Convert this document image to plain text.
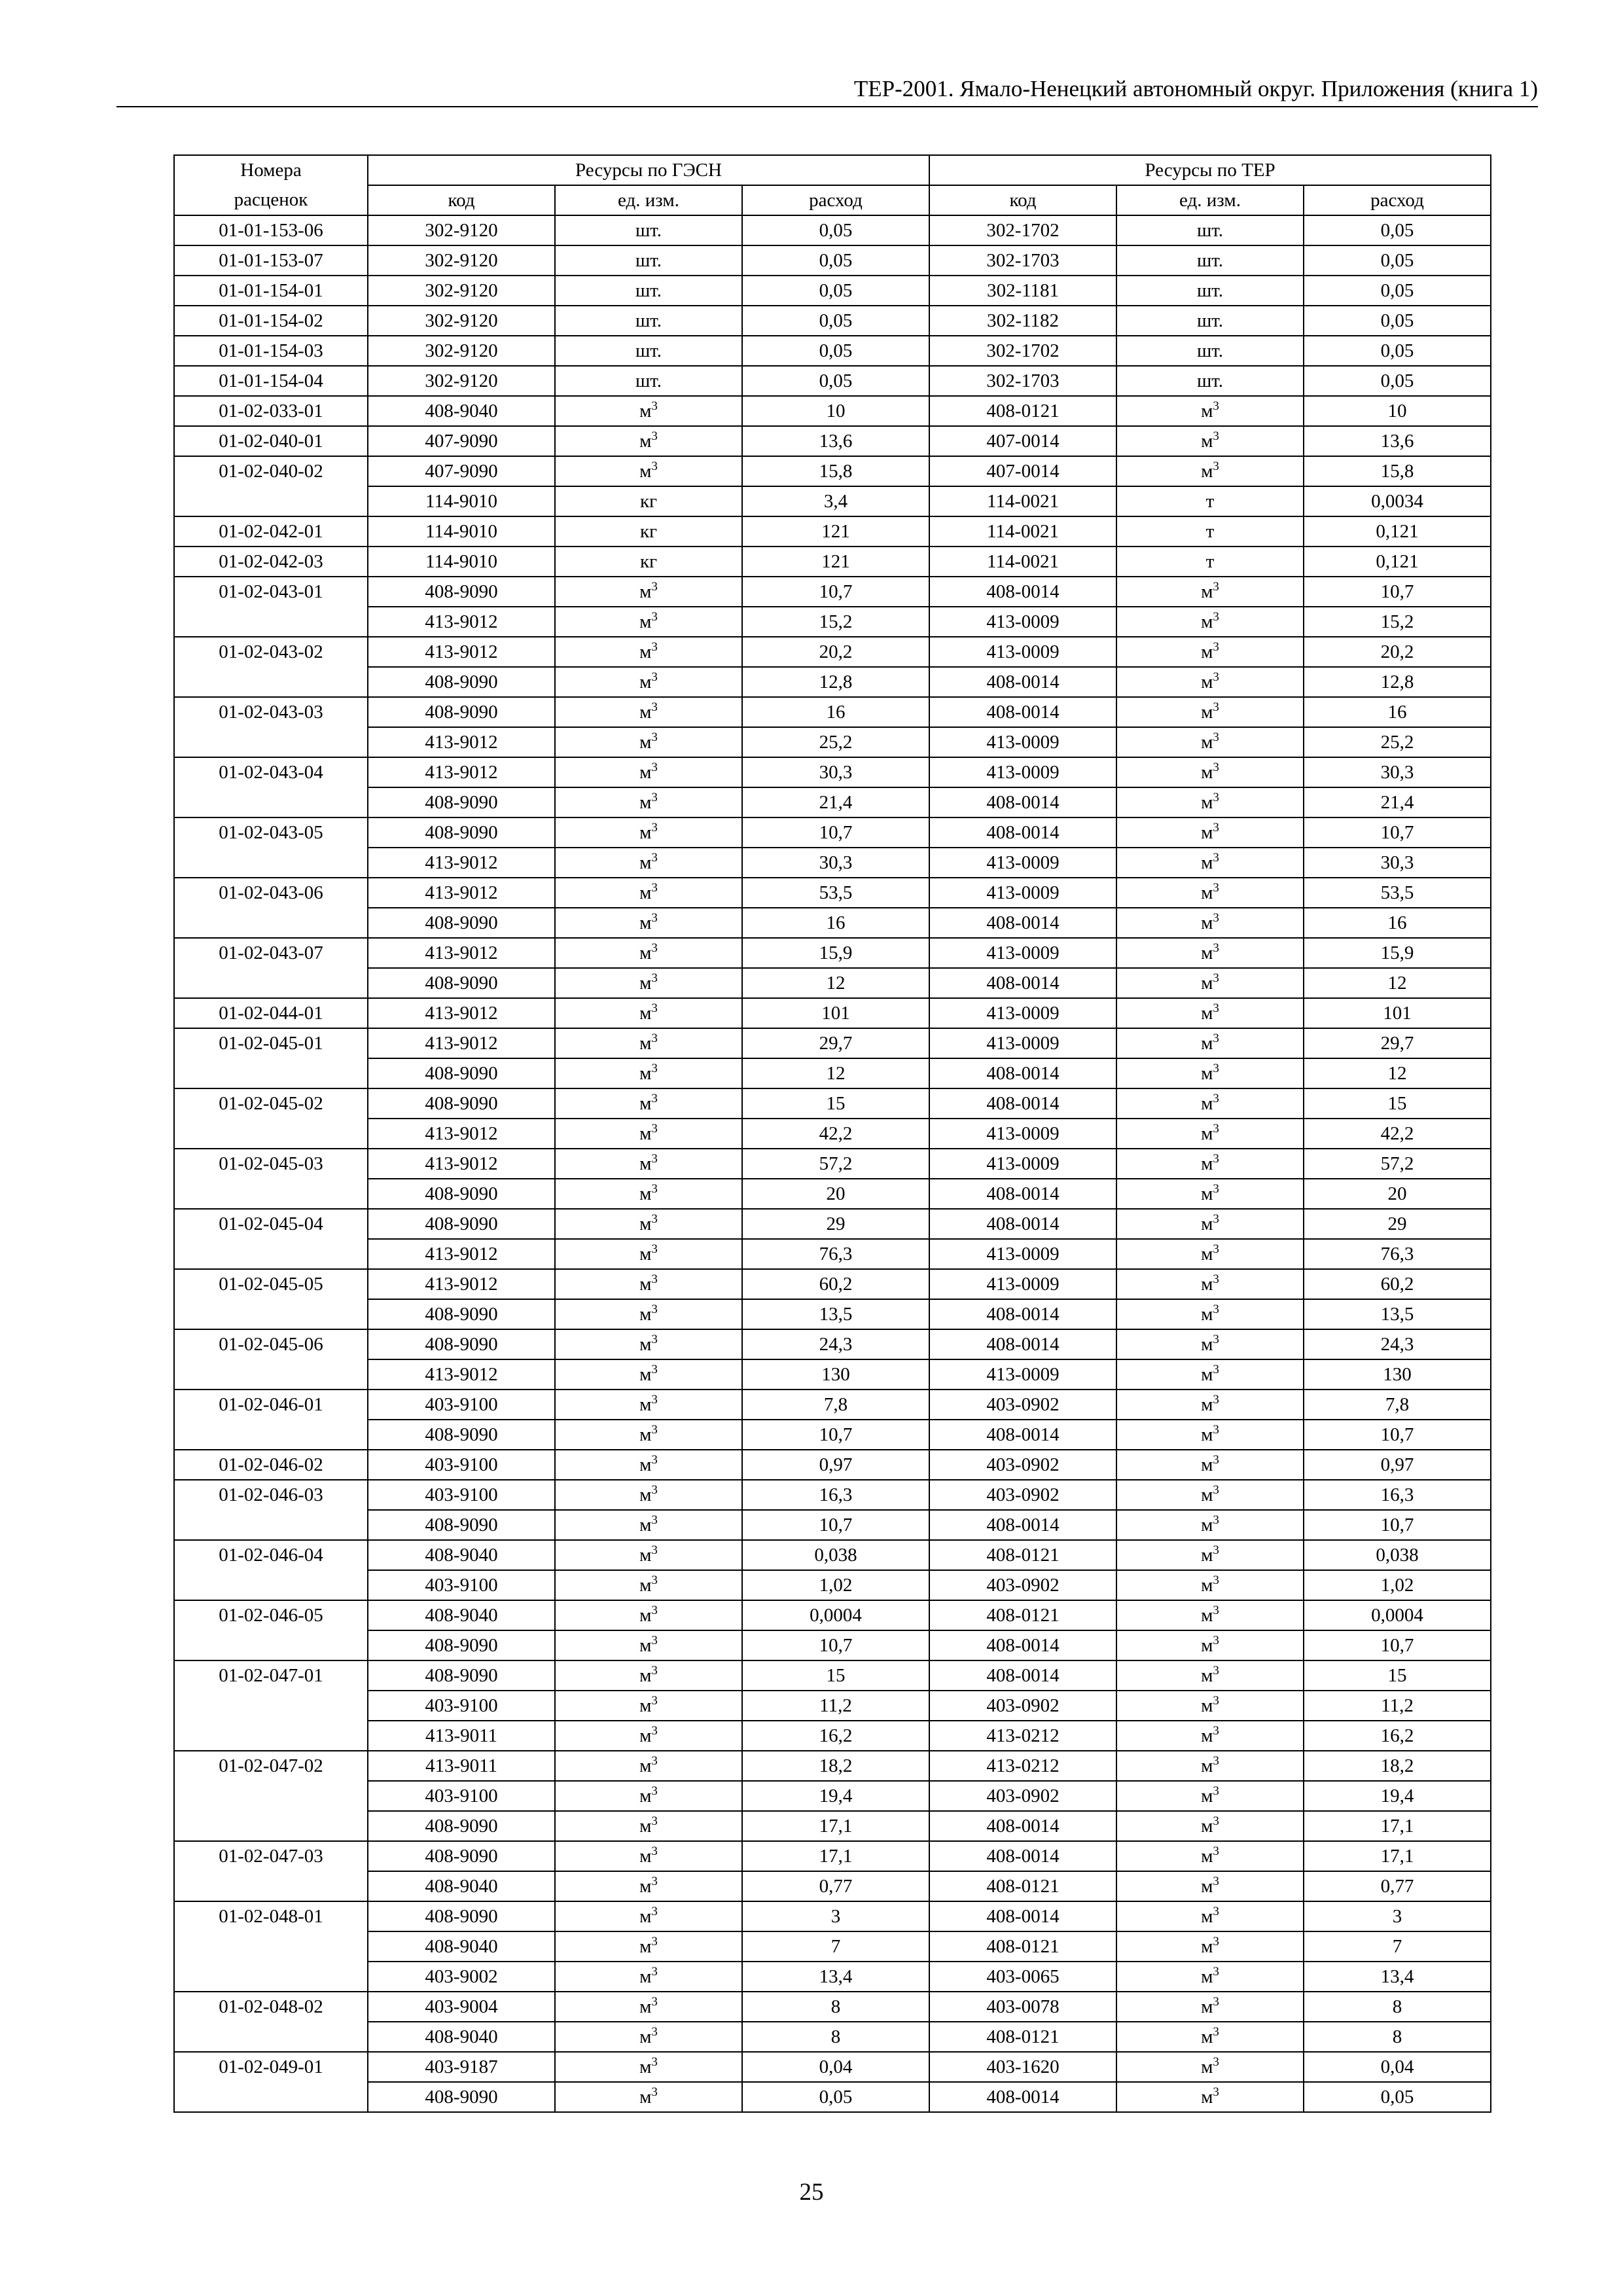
ТЕР-2001. Ямало-Ненецкий автономный округ. Приложения (книга 1)
Номера	Ресурсы по ГЭСН			Ресурсы по ТЕР		
расценок	код	ед. изм.	расход	код	ед. изм.	расход
01-01-153-06	302-9120	шт.	0,05	302-1702	шт.	0,05
01-01-153-07	302-9120	шт.	0,05	302-1703	шт.	0,05
01-01-154-01	302-9120	шт.	0,05	302-1181	шт.	0,05
01-01-154-02	302-9120	шт.	0,05	302-1182	шт.	0,05
01-01-154-03	302-9120	шт.	0,05	302-1702	шт.	0,05
01-01-154-04	302-9120	шт.	0,05	302-1703	шт.	0,05
01-02-033-01	408-9040	$м^3$	10	408-0121	$м^3$	10
01-02-040-01	407-9090	$м^3$	13,6	407-0014	$м^3$	13,6
01-02-040-02	407-9090	$м^3$	15,8	407-0014	$м^3$	15,8
	114-9010	кг	3,4	114-0021	т	0,0034
01-02-042-01	114-9010	кг	121	114-0021	т	0,121
01-02-042-03	114-9010	кг	121	114-0021	т	0,121
01-02-043-01	408-9090	$м^3$	10,7	408-0014	$м^3$	10,7
	413-9012	$м^3$	15,2	413-0009	$м^3$	15,2
01-02-043-02	413-9012	$м^3$	20,2	413-0009	$м^3$	20,2
	408-9090	$м^3$	12,8	408-0014	$м^3$	12,8
01-02-043-03	408-9090	$м^3$	16	408-0014	$м^3$	16
	413-9012	$м^3$	25,2	413-0009	$м^3$	25,2
01-02-043-04	413-9012	$м^3$	30,3	413-0009	$м^3$	30,3
	408-9090	$м^3$	21,4	408-0014	$м^3$	21,4
01-02-043-05	408-9090	$м^3$	10,7	408-0014	$м^3$	10,7
	413-9012	$м^3$	30,3	413-0009	$м^3$	30,3
01-02-043-06	413-9012	$м^3$	53,5	413-0009	$м^3$	53,5
	408-9090	$м^3$	16	408-0014	$м^3$	16
01-02-043-07	413-9012	$м^3$	15,9	413-0009	$м^3$	15,9
	408-9090	$м^3$	12	408-0014	$м^3$	12
01-02-044-01	413-9012	$м^3$	101	413-0009	$м^3$	101
01-02-045-01	413-9012	$м^3$	29,7	413-0009	$м^3$	29,7
	408-9090	$м^3$	12	408-0014	$м^3$	12
01-02-045-02	408-9090	$м^3$	15	408-0014	$м^3$	15
	413-9012	$м^3$	42,2	413-0009	$м^3$	42,2
01-02-045-03	413-9012	$м^3$	57,2	413-0009	$м^3$	57,2
	408-9090	$м^3$	20	408-0014	$м^3$	20
01-02-045-04	408-9090	$м^3$	29	408-0014	$м^3$	29
	413-9012	$м^3$	76,3	413-0009	$м^3$	76,3
01-02-045-05	413-9012	$м^3$	60,2	413-0009	$м^3$	60,2
	408-9090	$м^3$	13,5	408-0014	$м^3$	13,5
01-02-045-06	408-9090	$м^3$	24,3	408-0014	$м^3$	24,3
	413-9012	$м^3$	130	413-0009	$м^3$	130
01-02-046-01	403-9100	$м^3$	7,8	403-0902	$м^3$	7,8
	408-9090	$м^3$	10,7	408-0014	$м^3$	10,7
01-02-046-02	403-9100	$м^3$	0,97	403-0902	$м^3$	0,97
01-02-046-03	403-9100	$м^3$	16,3	403-0902	$м^3$	16,3
	408-9090	$м^3$	10,7	408-0014	$м^3$	10,7
01-02-046-04	408-9040	$м^3$	0,038	408-0121	$м^3$	0,038
	403-9100	$м^3$	1,02	403-0902	$м^3$	1,02
01-02-046-05	408-9040	$м^3$	0,0004	408-0121	$м^3$	0,0004
	408-9090	$м^3$	10,7	408-0014	$м^3$	10,7
01-02-047-01	408-9090	$м^3$	15	408-0014	$м^3$	15
	403-9100	$м^3$	11,2	403-0902	$м^3$	11,2
	413-9011	$м^3$	16,2	413-0212	$м^3$	16,2
01-02-047-02	413-9011	$м^3$	18,2	413-0212	$м^3$	18,2
	403-9100	$м^3$	19,4	403-0902	$м^3$	19,4
	408-9090	$м^3$	17,1	408-0014	$м^3$	17,1
01-02-047-03	408-9090	$м^3$	17,1	408-0014	$м^3$	17,1
	408-9040	$м^3$	0,77	408-0121	$м^3$	0,77
01-02-048-01	408-9090	$м^3$	3	408-0014	$м^3$	3
	408-9040	$м^3$	7	408-0121	$м^3$	7
	403-9002	$м^3$	13,4	403-0065	$м^3$	13,4
01-02-048-02	403-9004	$м^3$	8	403-0078	$м^3$	8
	408-9040	$м^3$	8	408-0121	$м^3$	8
01-02-049-01	403-9187	$м^3$	0,04	403-1620	$м^3$	0,04
	408-9090	$м^3$	0,05	408-0014	$м^3$	0,05
25
